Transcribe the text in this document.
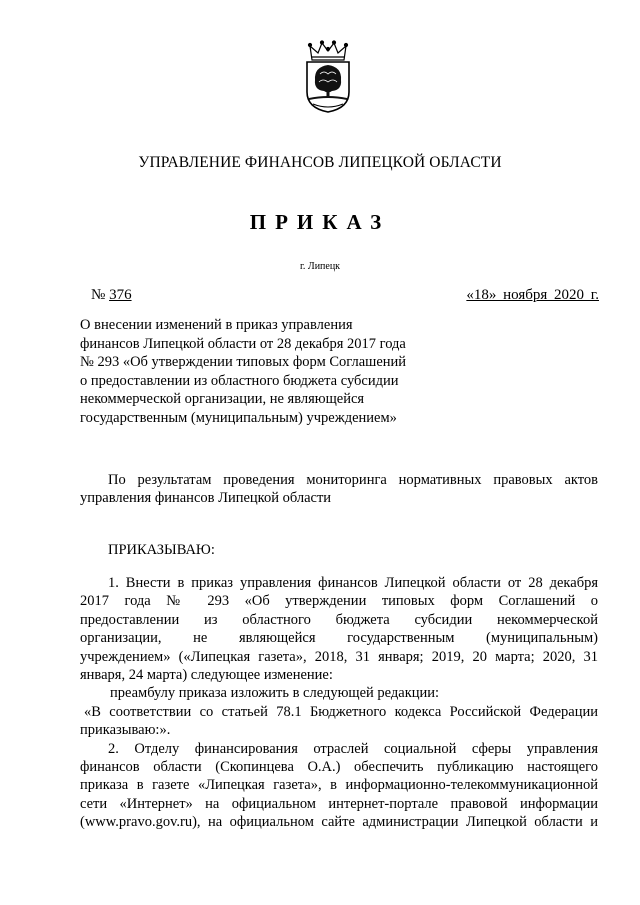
УПРАВЛЕНИЕ ФИНАНСОВ ЛИПЕЦКОЙ ОБЛАСТИ
ПРИКАЗ
г. Липецк
№ 376	«18» ноября 2020 г.
О внесении изменений в приказ управления
финансов Липецкой области от 28 декабря 2017 года
№ 293 «Об утверждении типовых форм Соглашений
о предоставлении из областного бюджета субсидии
некоммерческой организации, не являющейся
государственным (муниципальным) учреждением»
По результатам проведения мониторинга нормативных правовых актов
управления финансов Липецкой области
ПРИКАЗЫВАЮ:
1. Внести в приказ управления финансов Липецкой области от 28 декабря
2017 года № 293 «Об утверждении типовых форм Соглашений о
предоставлении из областного бюджета субсидии некоммерческой
организации, не являющейся государственным (муниципальным)
учреждением» («Липецкая газета», 2018, 31 января; 2019, 20 марта; 2020, 31
января, 24 марта) следующее изменение:
преамбулу приказа изложить в следующей редакции:
«В соответствии со статьей 78.1 Бюджетного кодекса Российской Федерации
приказываю:».
2. Отделу финансирования отраслей социальной сферы управления
финансов области (Скопинцева О.А.) обеспечить публикацию настоящего
приказа в газете «Липецкая газета», в информационно-телекоммуникационной
сети «Интернет» на официальном интернет-портале правовой информации
(www.pravo.gov.ru), на официальном сайте администрации Липецкой области и
